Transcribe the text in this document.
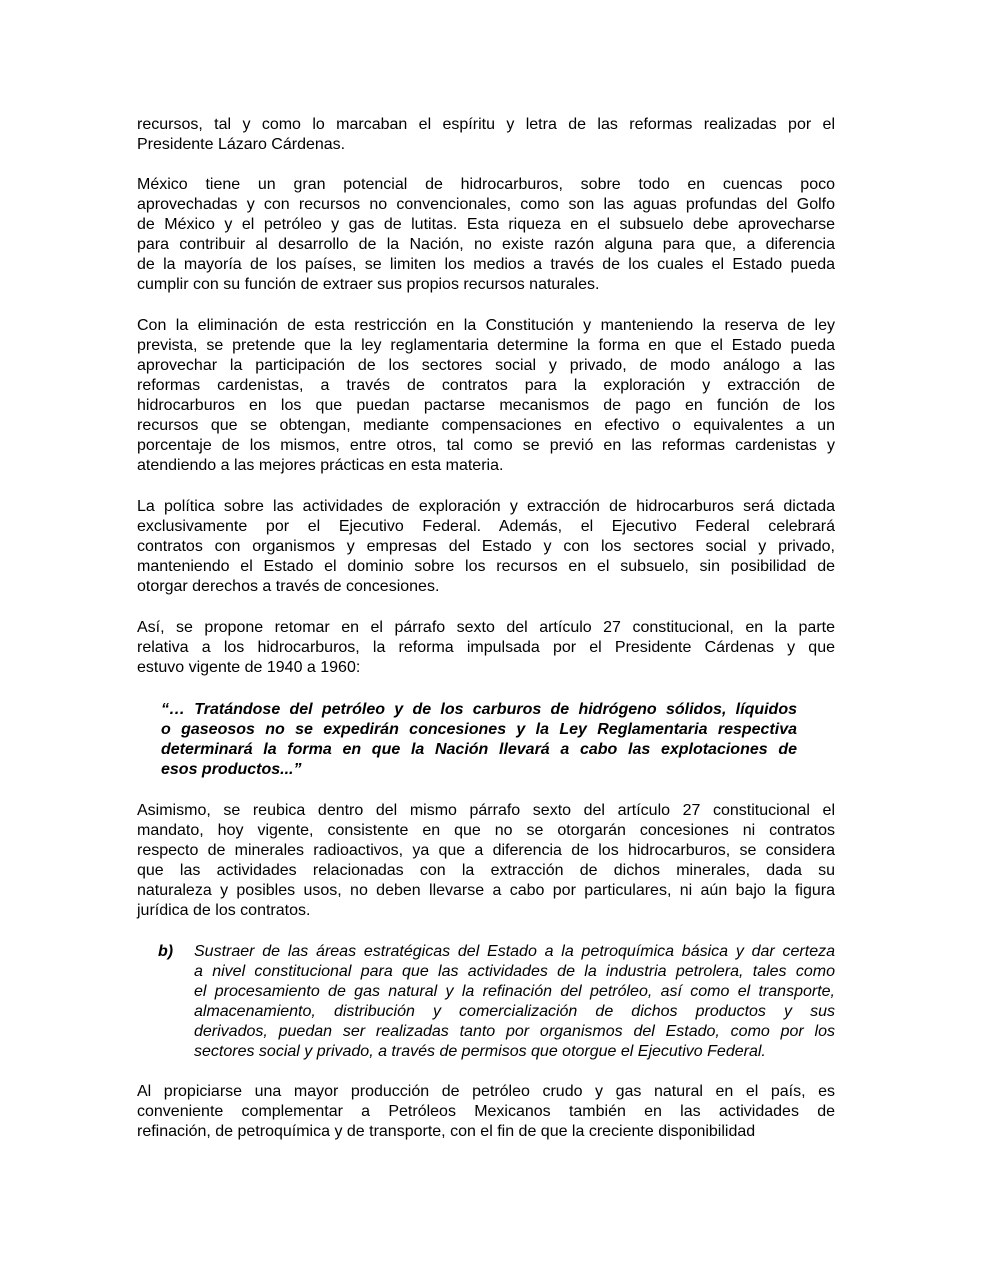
recursos, tal y como lo marcaban el espíritu y letra de las reformas realizadas por el
Presidente Lázaro Cárdenas.
México tiene un gran potencial de hidrocarburos, sobre todo en cuencas poco
aprovechadas y con recursos no convencionales, como son las aguas profundas del Golfo
de México y el petróleo y gas de lutitas. Esta riqueza en el subsuelo debe aprovecharse
para contribuir al desarrollo de la Nación, no existe razón alguna para que, a diferencia
de la mayoría de los países, se limiten los medios a través de los cuales el Estado pueda
cumplir con su función de extraer sus propios recursos naturales.
Con la eliminación de esta restricción en la Constitución y manteniendo la reserva de ley
prevista, se pretende que la ley reglamentaria determine la forma en que el Estado pueda
aprovechar la participación de los sectores social y privado, de modo análogo a las
reformas cardenistas, a través de contratos para la exploración y extracción de
hidrocarburos en los que puedan pactarse mecanismos de pago en función de los
recursos que se obtengan, mediante compensaciones en efectivo o equivalentes a un
porcentaje de los mismos, entre otros, tal como se previó en las reformas cardenistas y
atendiendo a las mejores prácticas en esta materia.
La política sobre las actividades de exploración y extracción de hidrocarburos será dictada
exclusivamente por el Ejecutivo Federal. Además, el Ejecutivo Federal celebrará
contratos con organismos y empresas del Estado y con los sectores social y privado,
manteniendo el Estado el dominio sobre los recursos en el subsuelo, sin posibilidad de
otorgar derechos a través de concesiones.
Así, se propone retomar en el párrafo sexto del artículo 27 constitucional, en la parte
relativa a los hidrocarburos, la reforma impulsada por el Presidente Cárdenas y que
estuvo vigente de 1940 a 1960:
“… Tratándose del petróleo y de los carburos de hidrógeno sólidos, líquidos
o gaseosos no se expedirán concesiones y la Ley Reglamentaria respectiva
determinará la forma en que la Nación llevará a cabo las explotaciones de
esos productos...”
Asimismo, se reubica dentro del mismo párrafo sexto del artículo 27 constitucional el
mandato, hoy vigente, consistente en que no se otorgarán concesiones ni contratos
respecto de minerales radioactivos, ya que a diferencia de los hidrocarburos, se considera
que las actividades relacionadas con la extracción de dichos minerales, dada su
naturaleza y posibles usos, no deben llevarse a cabo por particulares, ni aún bajo la figura
jurídica de los contratos.
b) Sustraer de las áreas estratégicas del Estado a la petroquímica básica y dar certeza
a nivel constitucional para que las actividades de la industria petrolera, tales como
el procesamiento de gas natural y la refinación del petróleo, así como el transporte,
almacenamiento, distribución y comercialización de dichos productos y sus
derivados, puedan ser realizadas tanto por organismos del Estado, como por los
sectores social y privado, a través de permisos que otorgue el Ejecutivo Federal.
Al propiciarse una mayor producción de petróleo crudo y gas natural en el país, es
conveniente complementar a Petróleos Mexicanos también en las actividades de
refinación, de petroquímica y de transporte, con el fin de que la creciente disponibilidad
